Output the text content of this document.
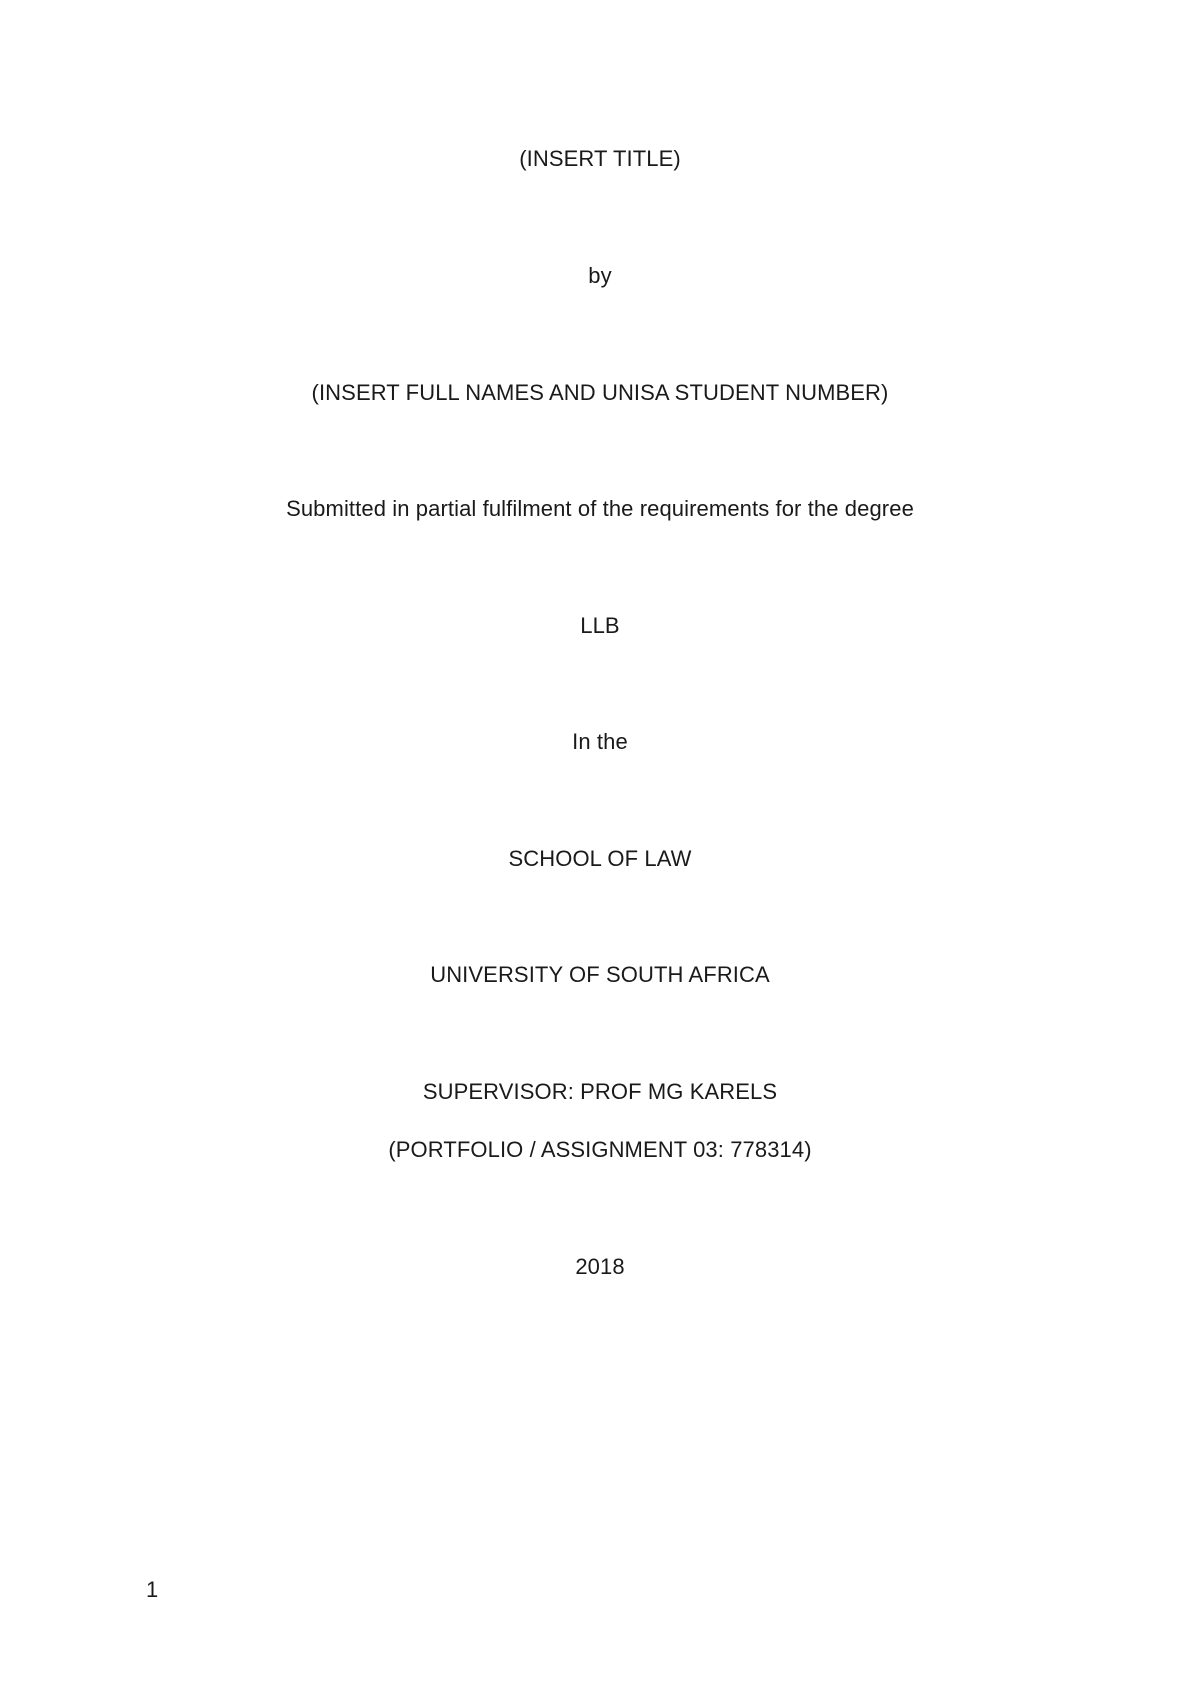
(INSERT TITLE)
by
(INSERT FULL NAMES AND UNISA STUDENT NUMBER)
Submitted in partial fulfilment of the requirements for the degree
LLB
In the
SCHOOL OF LAW
UNIVERSITY OF SOUTH AFRICA
SUPERVISOR: PROF MG KARELS
(PORTFOLIO / ASSIGNMENT 03: 778314)
2018
1
